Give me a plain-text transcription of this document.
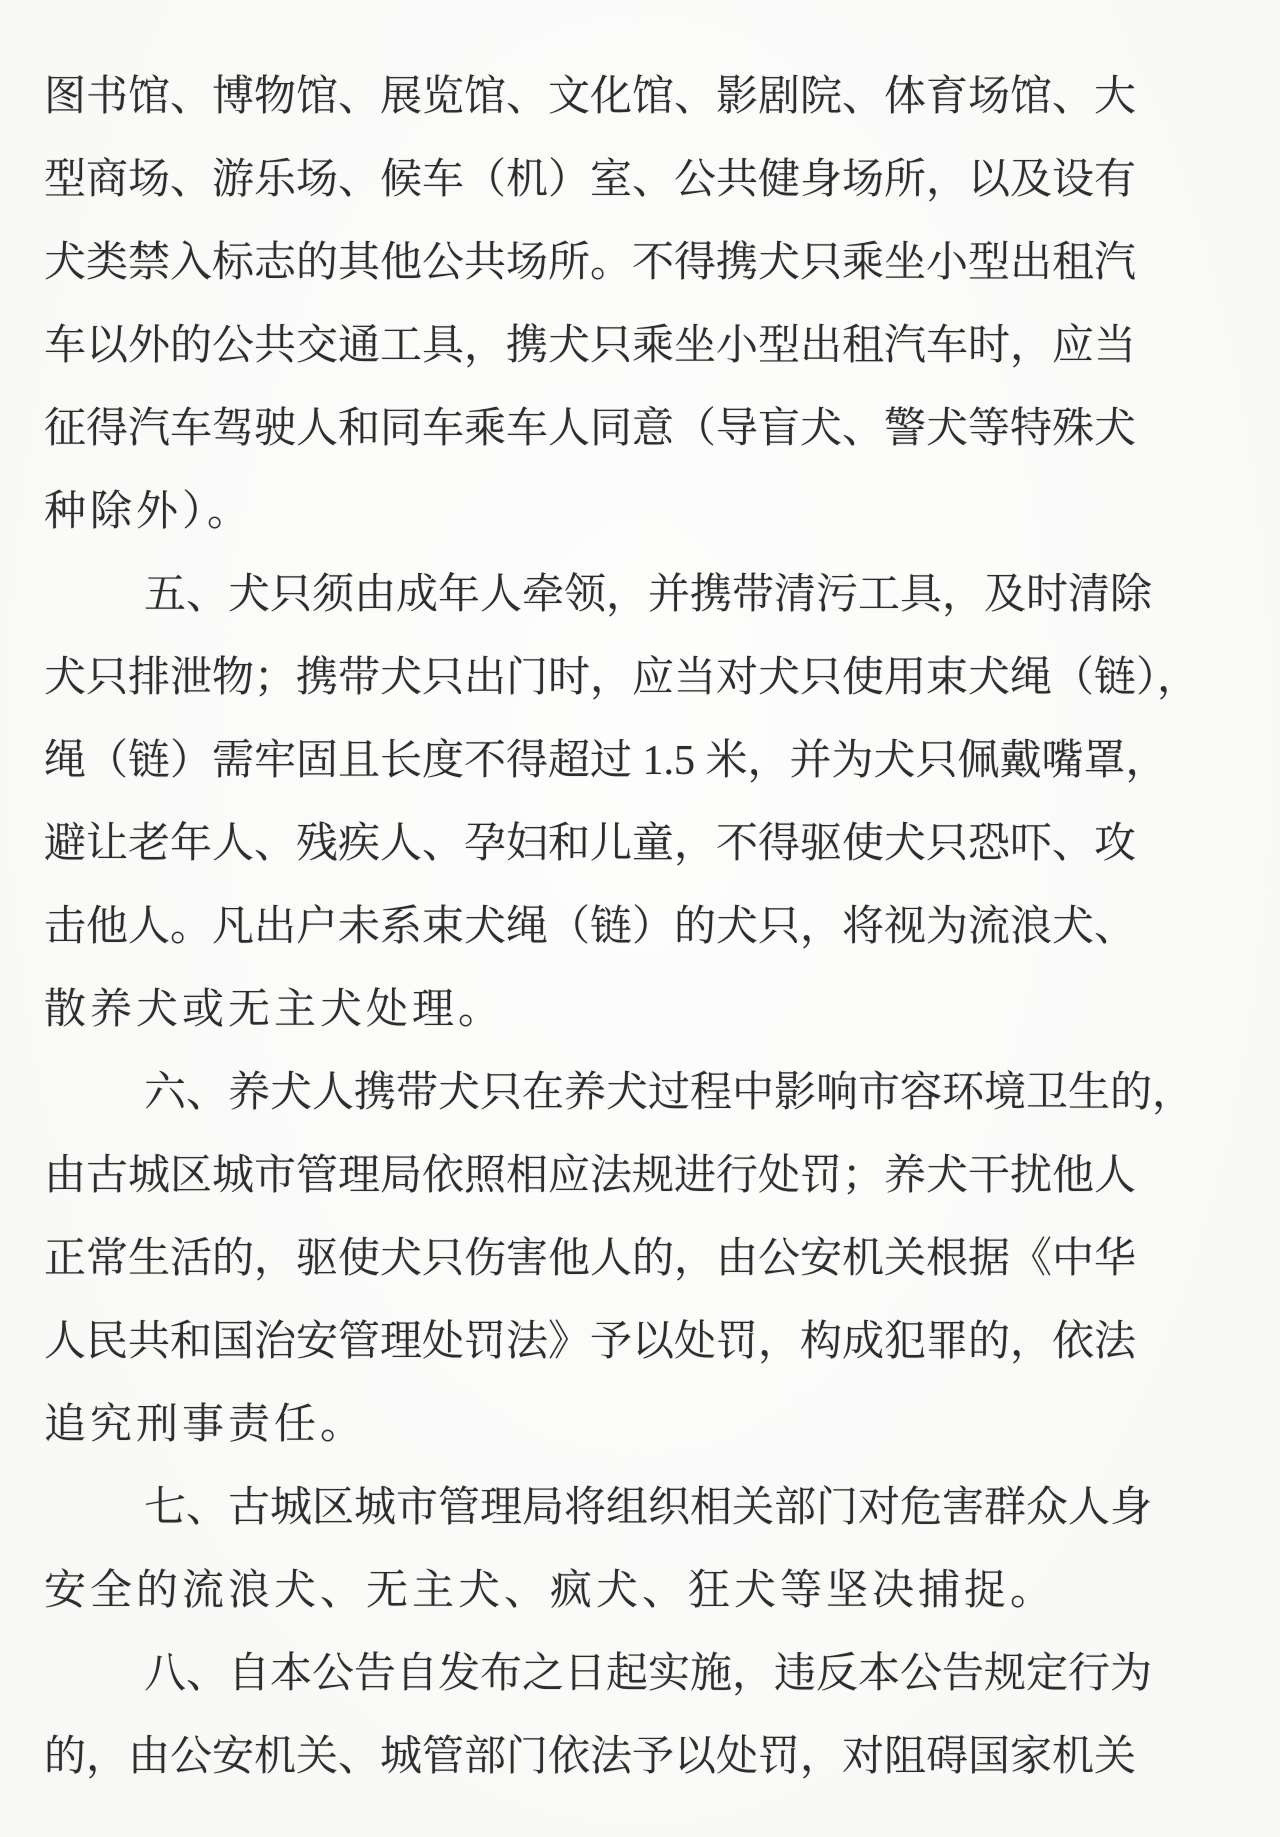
图书馆、博物馆、展览馆、文化馆、影剧院、体育场馆、大
型商场、游乐场、候车（机）室、公共健身场所，以及设有
犬类禁入标志的其他公共场所。不得携犬只乘坐小型出租汽
车以外的公共交通工具，携犬只乘坐小型出租汽车时，应当
征得汽车驾驶人和同车乘车人同意（导盲犬、警犬等特殊犬
种除外）。
五、犬只须由成年人牵领，并携带清污工具，及时清除
犬只排泄物；携带犬只出门时，应当对犬只使用束犬绳（链），
绳（链）需牢固且长度不得超过 1.5 米，并为犬只佩戴嘴罩，
避让老年人、残疾人、孕妇和儿童，不得驱使犬只恐吓、攻
击他人。凡出户未系束犬绳（链）的犬只，将视为流浪犬、
散养犬或无主犬处理。
六、养犬人携带犬只在养犬过程中影响市容环境卫生的，
由古城区城市管理局依照相应法规进行处罚；养犬干扰他人
正常生活的，驱使犬只伤害他人的，由公安机关根据《中华
人民共和国治安管理处罚法》予以处罚，构成犯罪的，依法
追究刑事责任。
七、古城区城市管理局将组织相关部门对危害群众人身
安全的流浪犬、无主犬、疯犬、狂犬等坚决捕捉。
八、自本公告自发布之日起实施，违反本公告规定行为
的，由公安机关、城管部门依法予以处罚，对阻碍国家机关
